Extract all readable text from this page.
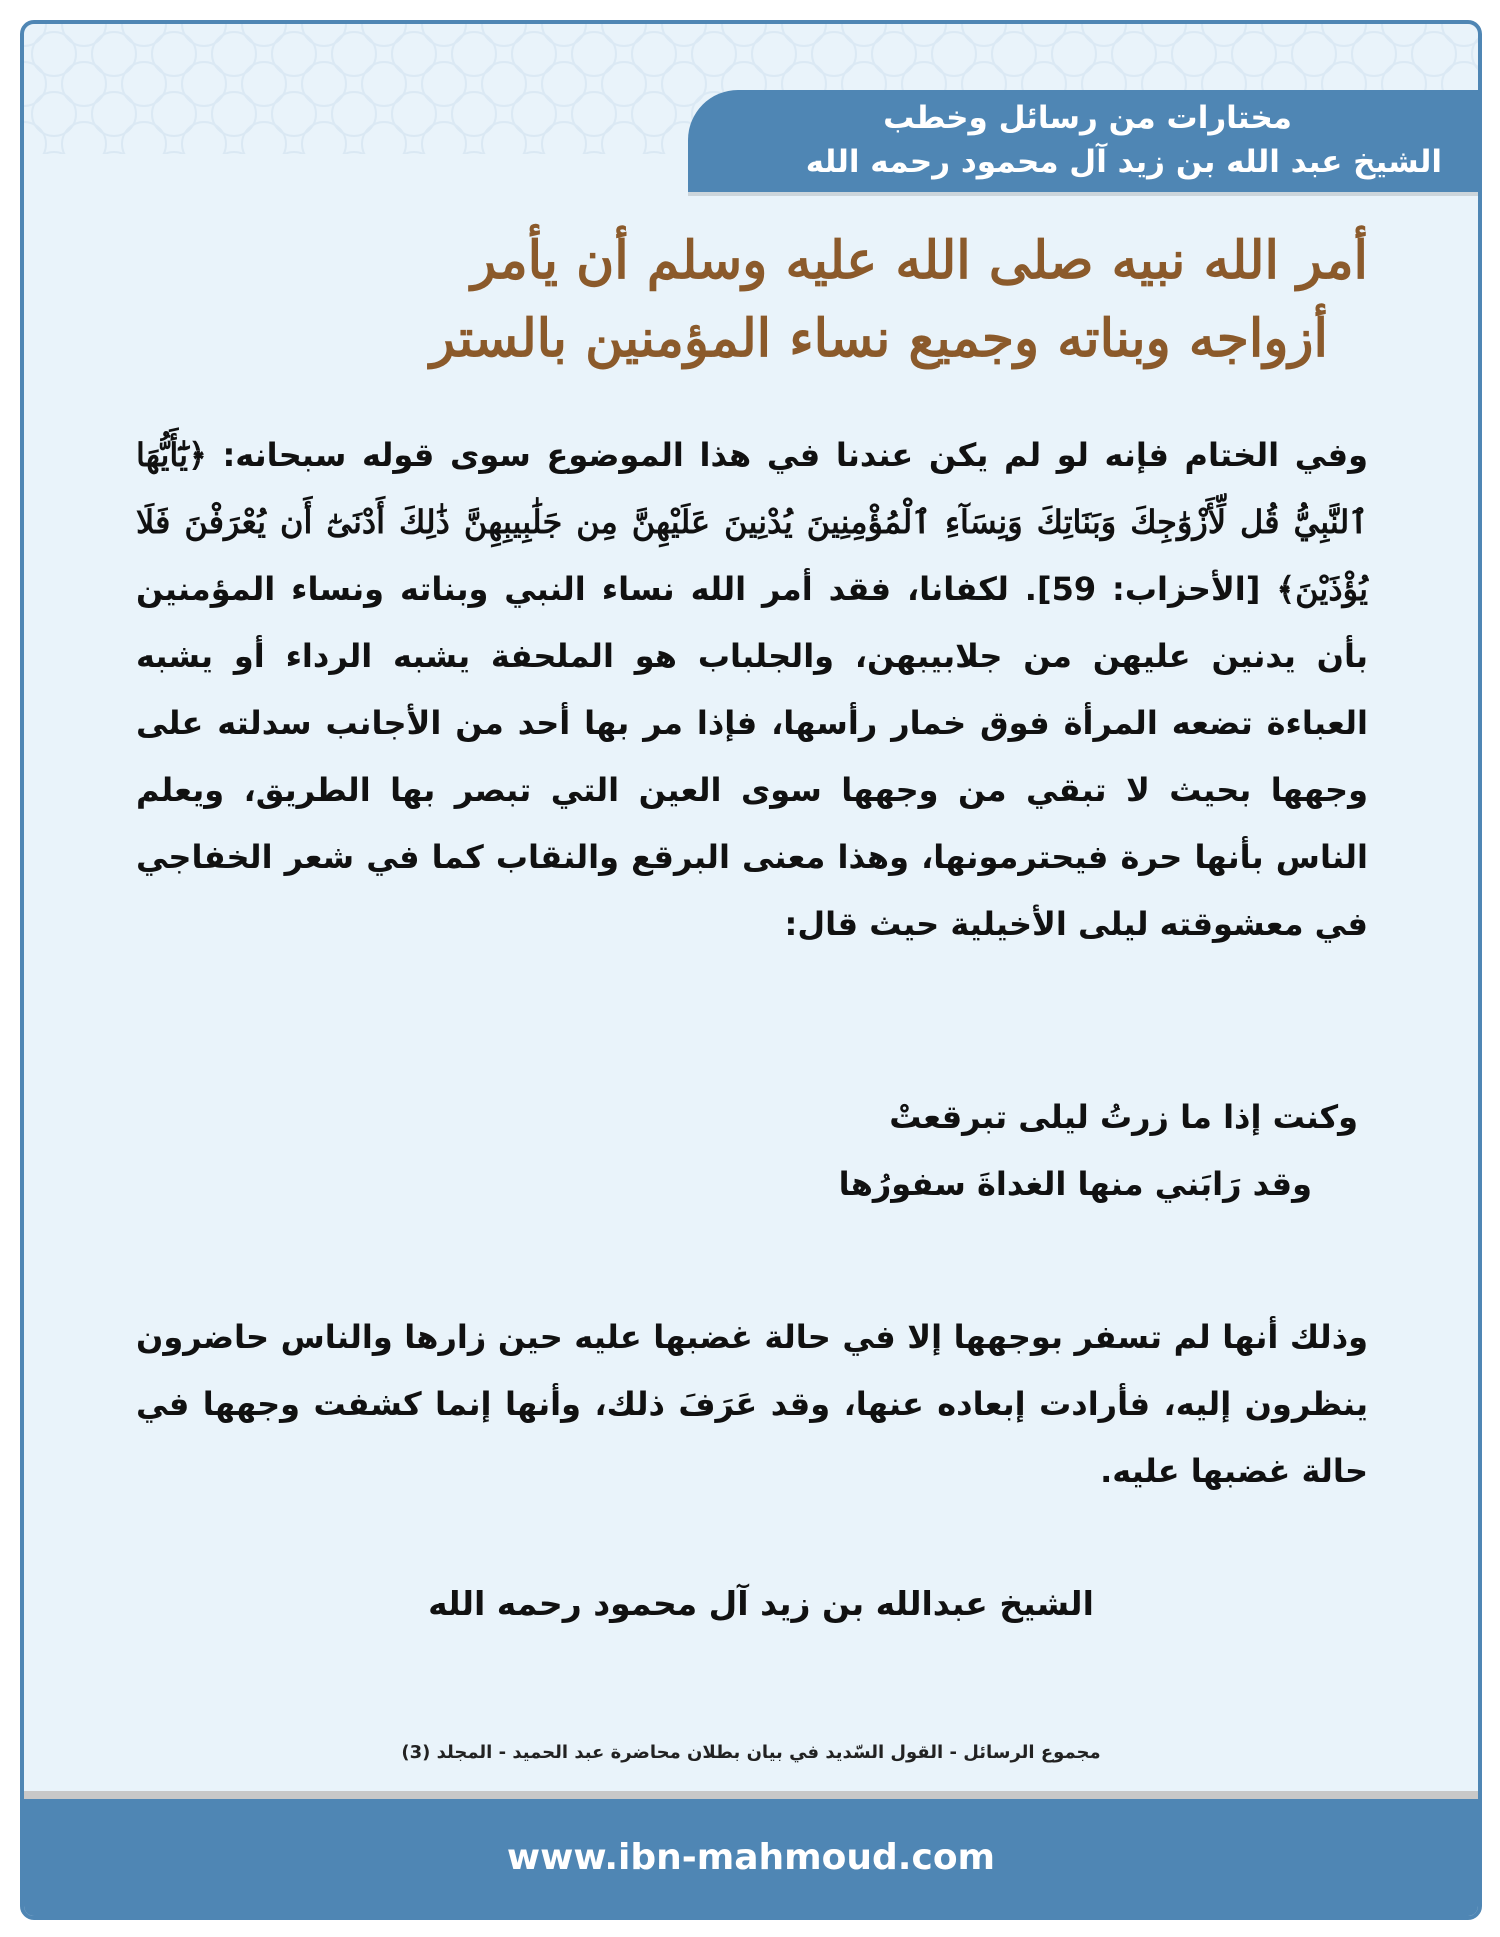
مختارات من رسائل وخطب
الشيخ عبد الله بن زيد آل محمود رحمه الله
أمر الله نبيه صلى الله عليه وسلم أن يأمر
أزواجه وبناته وجميع نساء المؤمنين بالستر
وفي الختام فإنه لو لم يكن عندنا في هذا الموضوع سوى قوله سبحانه: ﴿يَٰٓأَيُّهَا ٱلنَّبِيُّ قُل لِّأَزْوَٰجِكَ وَبَنَاتِكَ وَنِسَآءِ ٱلْمُؤْمِنِينَ يُدْنِينَ عَلَيْهِنَّ مِن جَلَٰبِيبِهِنَّ ذَٰلِكَ أَدْنَىٰٓ أَن يُعْرَفْنَ فَلَا يُؤْذَيْنَ﴾ [الأحزاب: 59]. لكفانا، فقد أمر الله نساء النبي وبناته ونساء المؤمنين بأن يدنين عليهن من جلابيبهن، والجلباب هو الملحفة يشبه الرداء أو يشبه العباءة تضعه المرأة فوق خمار رأسها، فإذا مر بها أحد من الأجانب سدلته على وجهها بحيث لا تبقي من وجهها سوى العين التي تبصر بها الطريق، ويعلم الناس بأنها حرة فيحترمونها، وهذا معنى البرقع والنقاب كما في شعر الخفاجي في معشوقته ليلى الأخيلية حيث قال:
وكنت إذا ما زرتُ ليلى تبرقعتْ
وقد رَابَني منها الغداةَ سفورُها
وذلك أنها لم تسفر بوجهها إلا في حالة غضبها عليه حين زارها والناس حاضرون ينظرون إليه، فأرادت إبعاده عنها، وقد عَرَفَ ذلك، وأنها إنما كشفت وجهها في حالة غضبها عليه.
الشيخ عبدالله بن زيد آل محمود رحمه الله
مجموع الرسائل - القول السّديد في بيان بطلان محاضرة عبد الحميد - المجلد (3)
www.ibn-mahmoud.com
